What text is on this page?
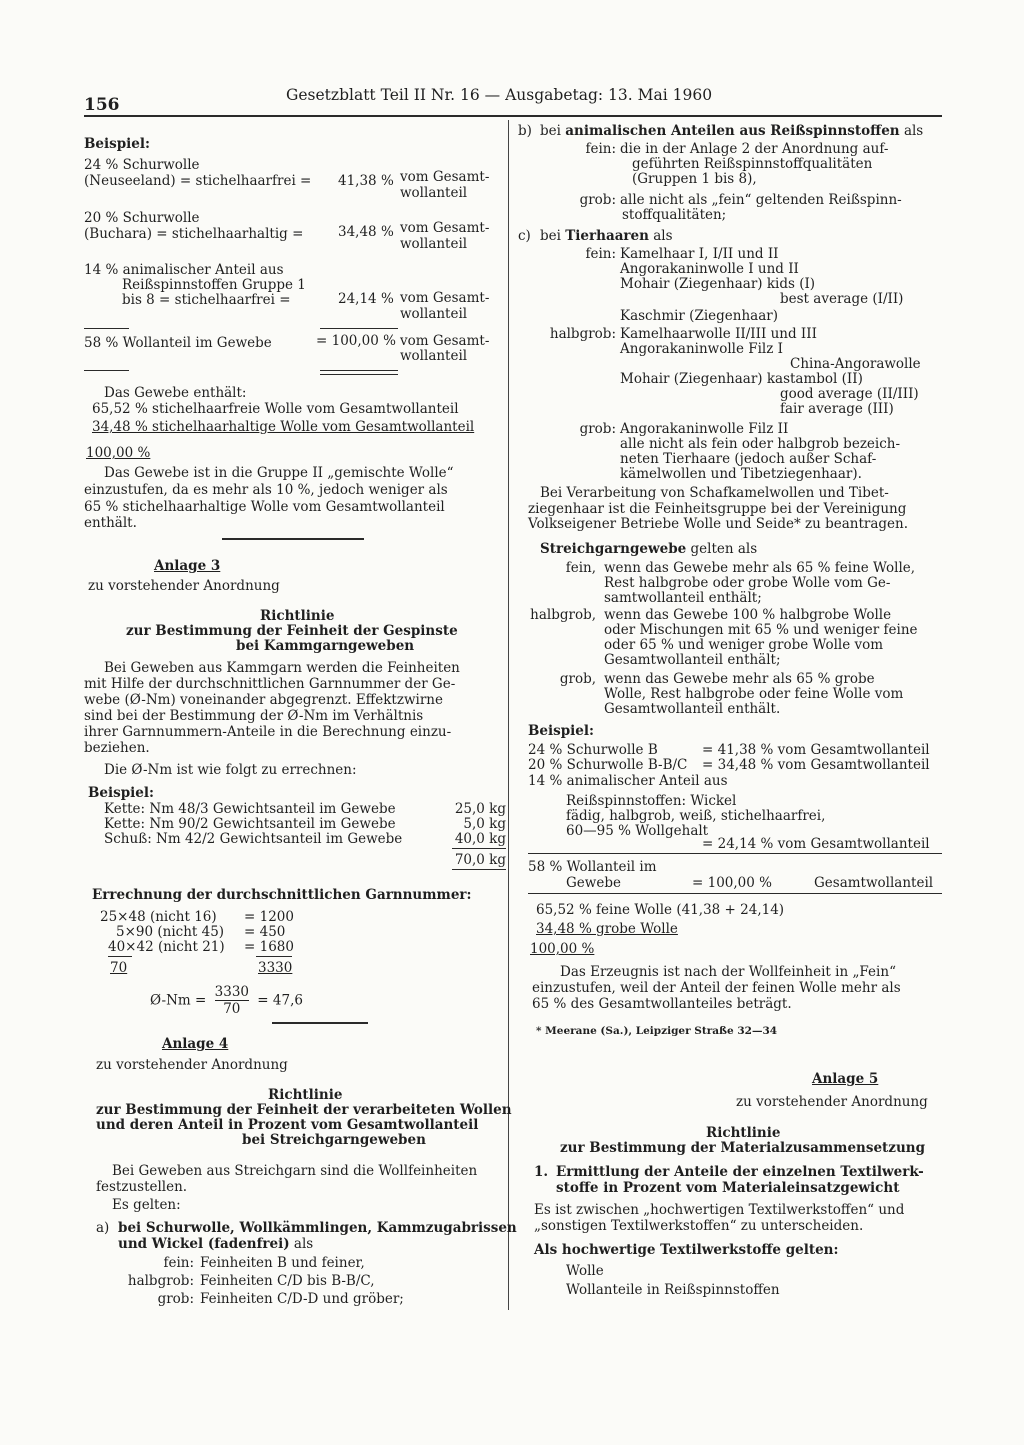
156	Gesetzblatt Teil II Nr. 16 — Ausgabetag: 13. Mai 1960
Beispiel:
24 % Schurwolle
(Neuseeland) = stichelhaarfrei = 41,38 % vom Gesamt-
wollanteil
20 % Schurwolle
(Buchara) = stichelhaarhaltig =	34,48 % vom Gesamt-
wollanteil
14 % animalischer Anteil aus
Reißspinnstoffen Gruppe 1
bis 8 = stichelhaarfrei =	24,14 % vom Gesamt-
wollanteil
58 % Wollanteil im Gewebe	= 100,00 % vom Gesamt-
wollanteil
Das Gewebe enthält:
65,52 % stichelhaarfreie Wolle vom Gesamtwollanteil
34,48 % stichelhaarhaltige Wolle vom Gesamtwollanteil
100,00 %
Das Gewebe ist in die Gruppe II „gemischte Wolle“
einzustufen, da es mehr als 10 %, jedoch weniger als
65 % stichelhaarhaltige Wolle vom Gesamtwollanteil
enthält.
Anlage 3
zu vorstehender Anordnung
Richtlinie
zur Bestimmung der Feinheit der Gespinste
bei Kammgarngeweben
Bei Geweben aus Kammgarn werden die Feinheiten
mit Hilfe der durchschnittlichen Garnnummer der Ge-
webe (Ø-Nm) voneinander abgegrenzt. Effektzwirne
sind bei der Bestimmung der Ø-Nm im Verhältnis
ihrer Garnnummern-Anteile in die Berechnung einzu-
beziehen.
Die Ø-Nm ist wie folgt zu errechnen:
Beispiel:
Kette: Nm 48/3 Gewichtsanteil im Gewebe	25,0 kg
Kette: Nm 90/2 Gewichtsanteil im Gewebe	5,0 kg
Schuß: Nm 42/2 Gewichtsanteil im Gewebe	40,0 kg
70,0 kg
Errechnung der durchschnittlichen Garnnummer:
25×48 (nicht 16) = 1200
5×90 (nicht 45) = 450
40×42 (nicht 21) = 1680
70	3330
Ø-Nm = $\frac{3330}{70} = 47,6$
Anlage 4
zu vorstehender Anordnung
Richtlinie
zur Bestimmung der Feinheit der verarbeiteten Wollen
und deren Anteil in Prozent vom Gesamtwollanteil
bei Streichgarngeweben
Bei Geweben aus Streichgarn sind die Wollfeinheiten
festzustellen.
Es gelten:
a) bei Schurwolle, Wollkämmlingen, Kammzugabrissen
und Wickel (fadenfrei) als
fein: Feinheiten B und feiner,
halbgrob: Feinheiten C/D bis B-B/C,
grob: Feinheiten C/D-D und gröber;
b) bei animalischen Anteilen aus Reißspinnstoffen als
fein: die in der Anlage 2 der Anordnung auf-
geführten Reißspinnstoffqualitäten
(Gruppen 1 bis 8),
grob: alle nicht als „fein“ geltenden Reißspinn-
stoffqualitäten;
c) bei Tierhaaren als
fein: Kamelhaar I, I/II und II
Angorakaninwolle I und II
Mohair (Ziegenhaar) kids (I)
best average (I/II)
Kaschmir (Ziegenhaar)
halbgrob: Kamelhaarwolle II/III und III
Angorakaninwolle Filz I
China-Angorawolle
Mohair (Ziegenhaar) kastambol (II)
good average (II/III)
fair average (III)
grob: Angorakaninwolle Filz II
alle nicht als fein oder halbgrob bezeich-
neten Tierhaare (jedoch außer Schaf-
kämelwollen und Tibetziegenhaar).
Bei Verarbeitung von Schafkamelwollen und Tibet-
ziegenhaar ist die Feinheitsgruppe bei der Vereinigung
Volkseigener Betriebe Wolle und Seide* zu beantragen.
Streichgarngewebe gelten als
fein, wenn das Gewebe mehr als 65 % feine Wolle,
Rest halbgrobe oder grobe Wolle vom Ge-
samtwollanteil enthält;
halbgrob, wenn das Gewebe 100 % halbgrobe Wolle
oder Mischungen mit 65 % und weniger feine
oder 65 % und weniger grobe Wolle vom
Gesamtwollanteil enthält;
grob, wenn das Gewebe mehr als 65 % grobe
Wolle, Rest halbgrobe oder feine Wolle vom
Gesamtwollanteil enthält.
Beispiel:
24 % Schurwolle B	= 41,38 % vom Gesamtwollanteil
20 % Schurwolle B-B/C = 34,48 % vom Gesamtwollanteil
14 % animalischer Anteil aus
Reißspinnstoffen: Wickel
fädig, halbgrob, weiß, stichelhaarfrei,
60—95 % Wollgehalt
= 24,14 % vom Gesamtwollanteil
58 % Wollanteil im
Gewebe	= 100,00 %	Gesamtwollanteil
65,52 % feine Wolle (41,38 + 24,14)
34,48 % grobe Wolle
100,00 %
Das Erzeugnis ist nach der Wollfeinheit in „Fein“
einzustufen, weil der Anteil der feinen Wolle mehr als
65 % des Gesamtwollanteiles beträgt.
* Meerane (Sa.), Leipziger Straße 32—34
Anlage 5
zu vorstehender Anordnung
Richtlinie
zur Bestimmung der Materialzusammensetzung
1. Ermittlung der Anteile der einzelnen Textilwerk-
stoffe in Prozent vom Materialeinsatzgewicht
Es ist zwischen „hochwertigen Textilwerkstoffen“ und
„sonstigen Textilwerkstoffen“ zu unterscheiden.
Als hochwertige Textilwerkstoffe gelten:
Wolle
Wollanteile in Reißspinnstoffen
